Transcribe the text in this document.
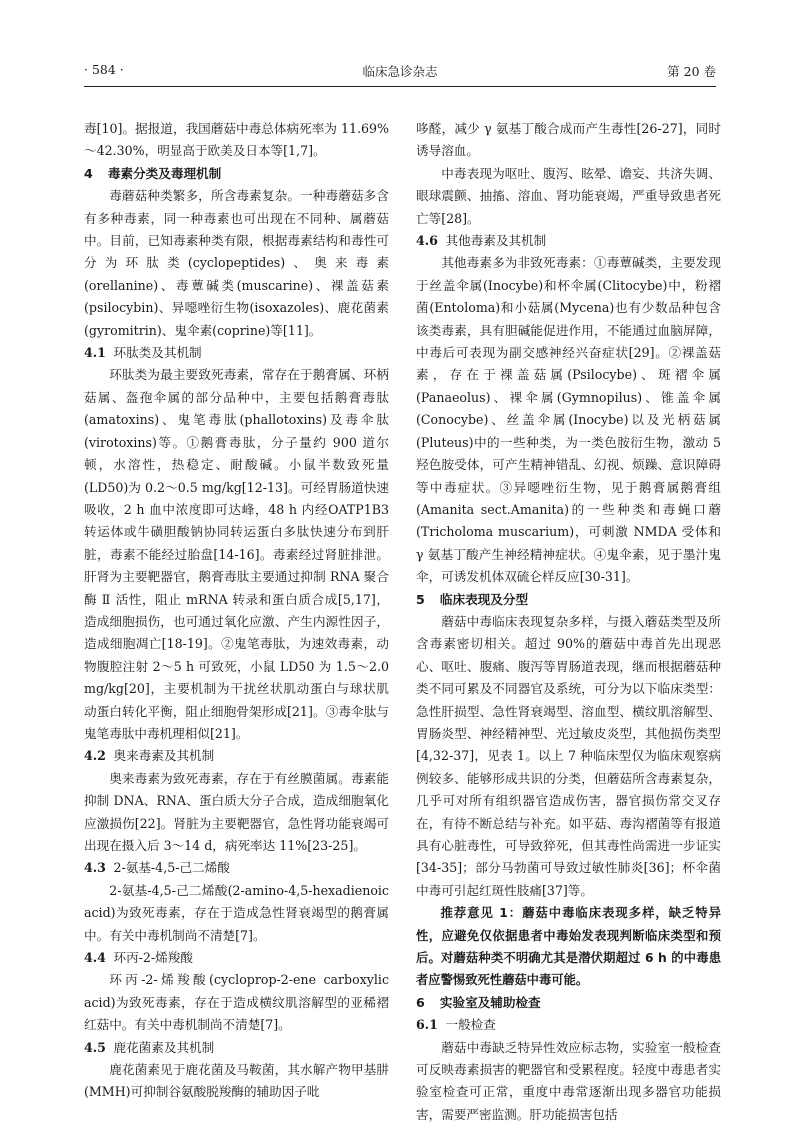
· 584 ·	临床急诊杂志	第 20 卷

毒[10]。据报道，我国蘑菇中毒总体病死率为 11.69%～42.30%，明显高于欧美及日本等[1,7]。

4 毒素分类及毒理机制

毒蘑菇种类繁多，所含毒素复杂。一种毒蘑菇多含有多种毒素，同一种毒素也可出现在不同种、属蘑菇中。目前，已知毒素种类有限，根据毒素结构和毒性可分为环肽类(cyclopeptides)、奥来毒素(orellanine)、毒蕈碱类(muscarine)、裸盖菇素(psilocybin)、异噁唑衍生物(isoxazoles)、鹿花菌素(gyromitrin)、鬼伞素(coprine)等[11]。

4.1 环肽类及其机制

环肽类为最主要致死毒素，常存在于鹅膏属、环柄菇属、盔孢伞属的部分品种中，主要包括鹅膏毒肽(amatoxins)、鬼笔毒肽(phallotoxins)及毒伞肽(virotoxins)等。①鹅膏毒肽，分子量约 900 道尔顿，水溶性，热稳定、耐酸碱。小鼠半数致死量(LD50)为 0.2～0.5 mg/kg[12-13]。可经胃肠道快速吸收，2 h 血中浓度即可达峰，48 h 内经OATP1B3 转运体或牛磺胆酸钠协同转运蛋白多肽快速分布到肝脏，毒素不能经过胎盘[14-16]。毒素经过肾脏排泄。肝肾为主要靶器官，鹅膏毒肽主要通过抑制 RNA 聚合酶 Ⅱ 活性，阻止 mRNA 转录和蛋白质合成[5,17]，造成细胞损伤，也可通过氧化应激、产生内源性因子，造成细胞凋亡[18-19]。②鬼笔毒肽，为速效毒素，动物腹腔注射 2～5 h 可致死，小鼠 LD50 为 1.5～2.0 mg/kg[20]，主要机制为干扰丝状肌动蛋白与球状肌动蛋白转化平衡，阻止细胞骨架形成[21]。③毒伞肽与鬼笔毒肽中毒机理相似[21]。

4.2 奥来毒素及其机制

奥来毒素为致死毒素，存在于有丝膜菌属。毒素能抑制 DNA、RNA、蛋白质大分子合成，造成细胞氧化应激损伤[22]。肾脏为主要靶器官，急性肾功能衰竭可出现在摄入后 3～14 d，病死率达 11%[23-25]。

4.3 2-氨基-4,5-己二烯酸

2-氨基-4,5-己二烯酸(2-amino-4,5-hexadienoic acid)为致死毒素，存在于造成急性肾衰竭型的鹅膏属中。有关中毒机制尚不清楚[7]。

4.4 环丙-2-烯羧酸

环丙-2-烯羧酸(cycloprop-2-ene carboxylic acid)为致死毒素，存在于造成横纹肌溶解型的亚稀褶红菇中。有关中毒机制尚不清楚[7]。

4.5 鹿花菌素及其机制

鹿花菌素见于鹿花菌及马鞍菌，其水解产物甲基肼(MMH)可抑制谷氨酸脱羧酶的辅助因子吡

哆醛，减少 γ 氨基丁酸合成而产生毒性[26-27]，同时诱导溶血。

中毒表现为呕吐、腹泻、眩晕、谵妄、共济失调、眼球震颤、抽搐、溶血、肾功能衰竭，严重导致患者死亡等[28]。

4.6 其他毒素及其机制

其他毒素多为非致死毒素：①毒蕈碱类，主要发现于丝盖伞属(Inocybe)和杯伞属(Clitocybe)中，粉褶菌(Entoloma)和小菇属(Mycena)也有少数品种包含该类毒素，具有胆碱能促进作用，不能通过血脑屏障，中毒后可表现为副交感神经兴奋症状[29]。②裸盖菇素，存在于裸盖菇属(Psilocybe)、斑褶伞属(Panaeolus)、裸伞属(Gymnopilus)、锥盖伞属(Conocybe)、丝盖伞属(Inocybe)以及光柄菇属(Pluteus)中的一些种类，为一类色胺衍生物，激动 5 羟色胺受体，可产生精神错乱、幻视、烦躁、意识障碍等中毒症状。③异噁唑衍生物，见于鹅膏属鹅膏组(Amanita sect.Amanita)的一些种类和毒蝇口蘑(Tricholoma muscarium)，可刺激 NMDA 受体和 γ 氨基丁酸产生神经精神症状。④鬼伞素，见于墨汁鬼伞，可诱发机体双硫仑样反应[30-31]。

5 临床表现及分型

蘑菇中毒临床表现复杂多样，与摄入蘑菇类型及所含毒素密切相关。超过 90%的蘑菇中毒首先出现恶心、呕吐、腹痛、腹泻等胃肠道表现，继而根据蘑菇种类不同可累及不同器官及系统，可分为以下临床类型：急性肝损型、急性肾衰竭型、溶血型、横纹肌溶解型、胃肠炎型、神经精神型、光过敏皮炎型，其他损伤类型[4,32-37]，见表 1。以上 7 种临床型仅为临床观察病例较多、能够形成共识的分类，但蘑菇所含毒素复杂，几乎可对所有组织器官造成伤害，器官损伤常交叉存在，有待不断总结与补充。如平菇、毒沟褶菌等有报道具有心脏毒性，可导致猝死，但其毒性尚需进一步证实[34-35]；部分马勃菌可导致过敏性肺炎[36]；杯伞菌中毒可引起红斑性肢痛[37]等。

推荐意见 1：蘑菇中毒临床表现多样，缺乏特异性，应避免仅依据患者中毒始发表现判断临床类型和预后。对蘑菇种类不明确尤其是潜伏期超过 6 h 的中毒患者应警惕致死性蘑菇中毒可能。

6 实验室及辅助检查
6.1 一般检查

蘑菇中毒缺乏特异性效应标志物，实验室一般检查可反映毒素损害的靶器官和受累程度。轻度中毒患者实验室检查可正常，重度中毒常逐渐出现多器官功能损害，需要严密监测。肝功能损害包括
